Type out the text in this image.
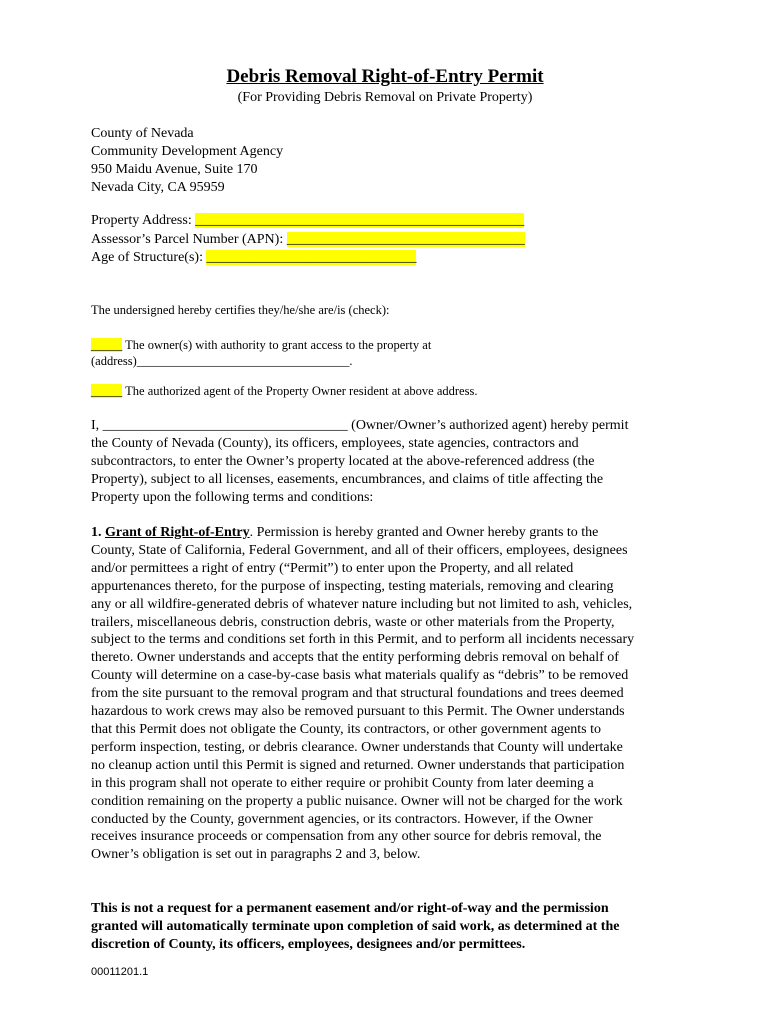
Debris Removal Right-of-Entry Permit
(For Providing Debris Removal on Private Property)
County of Nevada
Community Development Agency
950 Maidu Avenue, Suite 170
Nevada City, CA 95959
Property Address: _______________________________________________
Assessor’s Parcel Number (APN): __________________________________
Age of Structure(s): ______________________________
The undersigned hereby certifies they/he/she are/is (check):
_____ The owner(s) with authority to grant access to the property at
(address)__________________________________.
_____ The authorized agent of the Property Owner resident at above address.
I, ___________________________________ (Owner/Owner’s authorized agent) hereby permit
the County of Nevada (County), its officers, employees, state agencies, contractors and
subcontractors, to enter the Owner’s property located at the above-referenced address (the
Property), subject to all licenses, easements, encumbrances, and claims of title affecting the
Property upon the following terms and conditions:
1. Grant of Right-of-Entry. Permission is hereby granted and Owner hereby grants to the
County, State of California, Federal Government, and all of their officers, employees, designees
and/or permittees a right of entry (“Permit”) to enter upon the Property, and all related
appurtenances thereto, for the purpose of inspecting, testing materials, removing and clearing
any or all wildfire-generated debris of whatever nature including but not limited to ash, vehicles,
trailers, miscellaneous debris, construction debris, waste or other materials from the Property,
subject to the terms and conditions set forth in this Permit, and to perform all incidents necessary
thereto. Owner understands and accepts that the entity performing debris removal on behalf of
County will determine on a case-by-case basis what materials qualify as “debris” to be removed
from the site pursuant to the removal program and that structural foundations and trees deemed
hazardous to work crews may also be removed pursuant to this Permit. The Owner understands
that this Permit does not obligate the County, its contractors, or other government agents to
perform inspection, testing, or debris clearance. Owner understands that County will undertake
no cleanup action until this Permit is signed and returned. Owner understands that participation
in this program shall not operate to either require or prohibit County from later deeming a
condition remaining on the property a public nuisance. Owner will not be charged for the work
conducted by the County, government agencies, or its contractors. However, if the Owner
receives insurance proceeds or compensation from any other source for debris removal, the
Owner’s obligation is set out in paragraphs 2 and 3, below.
This is not a request for a permanent easement and/or right-of-way and the permission
granted will automatically terminate upon completion of said work, as determined at the
discretion of County, its officers, employees, designees and/or permittees.
00011201.1
